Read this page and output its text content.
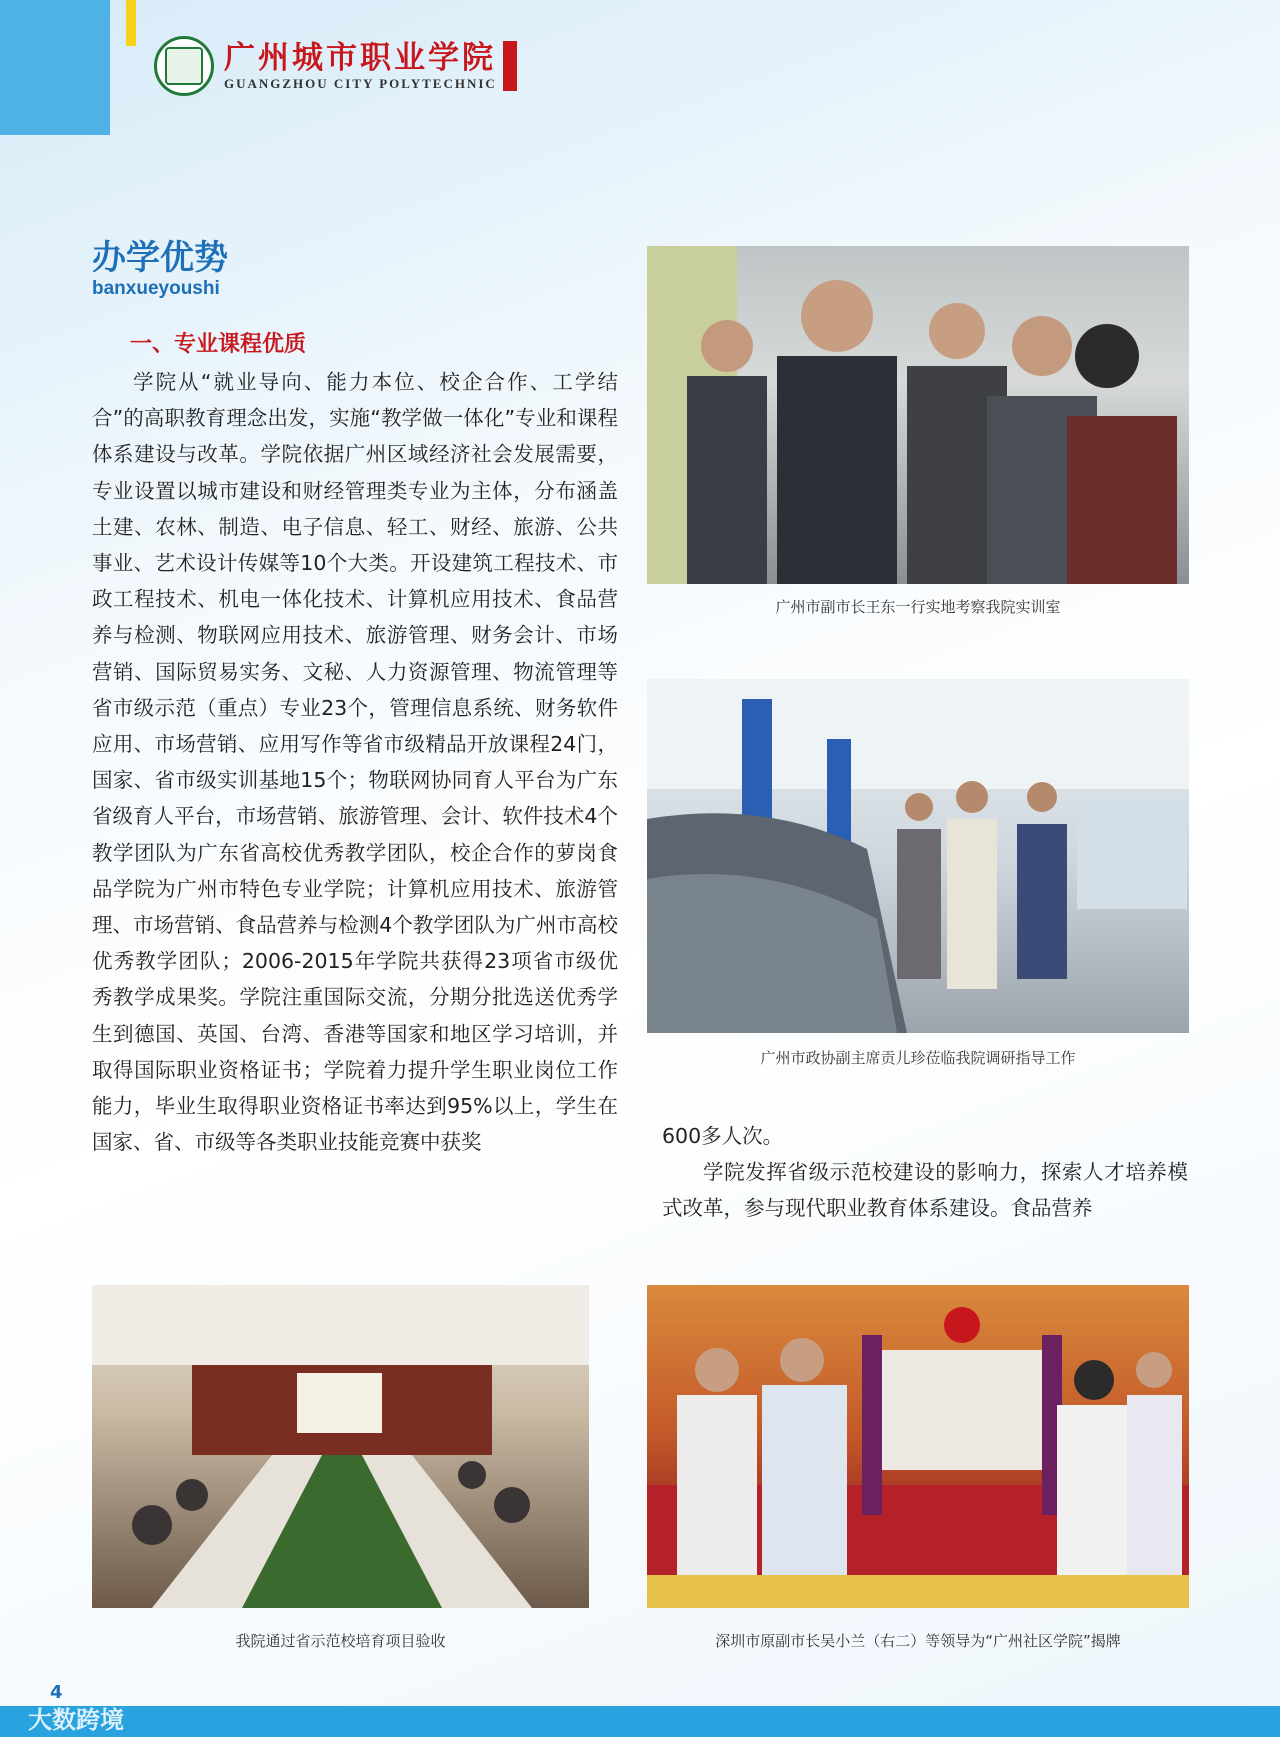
广州城市职业学院
GUANGZHOU CITY POLYTECHNIC
办学优势
banxueyoushi
一、专业课程优质

学院从“就业导向、能力本位、校企合作、工学结合”的高职教育理念出发，实施“教学做一体化”专业和课程体系建设与改革。学院依据广州区域经济社会发展需要，专业设置以城市建设和财经管理类专业为主体，分布涵盖土建、农林、制造、电子信息、轻工、财经、旅游、公共事业、艺术设计传媒等10个大类。开设建筑工程技术、市政工程技术、机电一体化技术、计算机应用技术、食品营养与检测、物联网应用技术、旅游管理、财务会计、市场营销、国际贸易实务、文秘、人力资源管理、物流管理等省市级示范（重点）专业23个，管理信息系统、财务软件应用、市场营销、应用写作等省市级精品开放课程24门，国家、省市级实训基地15个；物联网协同育人平台为广东省级育人平台，市场营销、旅游管理、会计、软件技术4个教学团队为广东省高校优秀教学团队，校企合作的萝岗食品学院为广州市特色专业学院；计算机应用技术、旅游管理、市场营销、食品营养与检测4个教学团队为广州市高校优秀教学团队；2006-2015年学院共获得23项省市级优秀教学成果奖。学院注重国际交流，分期分批选送优秀学生到德国、英国、台湾、香港等国家和地区学习培训，并取得国际职业资格证书；学院着力提升学生职业岗位工作能力，毕业生取得职业资格证书率达到95%以上，学生在国家、省、市级等各类职业技能竞赛中获奖	600多人次。

学院发挥省级示范校建设的影响力，探索人才培养模式改革，参与现代职业教育体系建设。食品营养

广州市副市长王东一行实地考察我院实训室
广州市政协副主席贡儿珍莅临我院调研指导工作
我院通过省示范校培育项目验收	深圳市原副市长吴小兰（右二）等领导为“广州社区学院”揭牌
4
大数跨境
